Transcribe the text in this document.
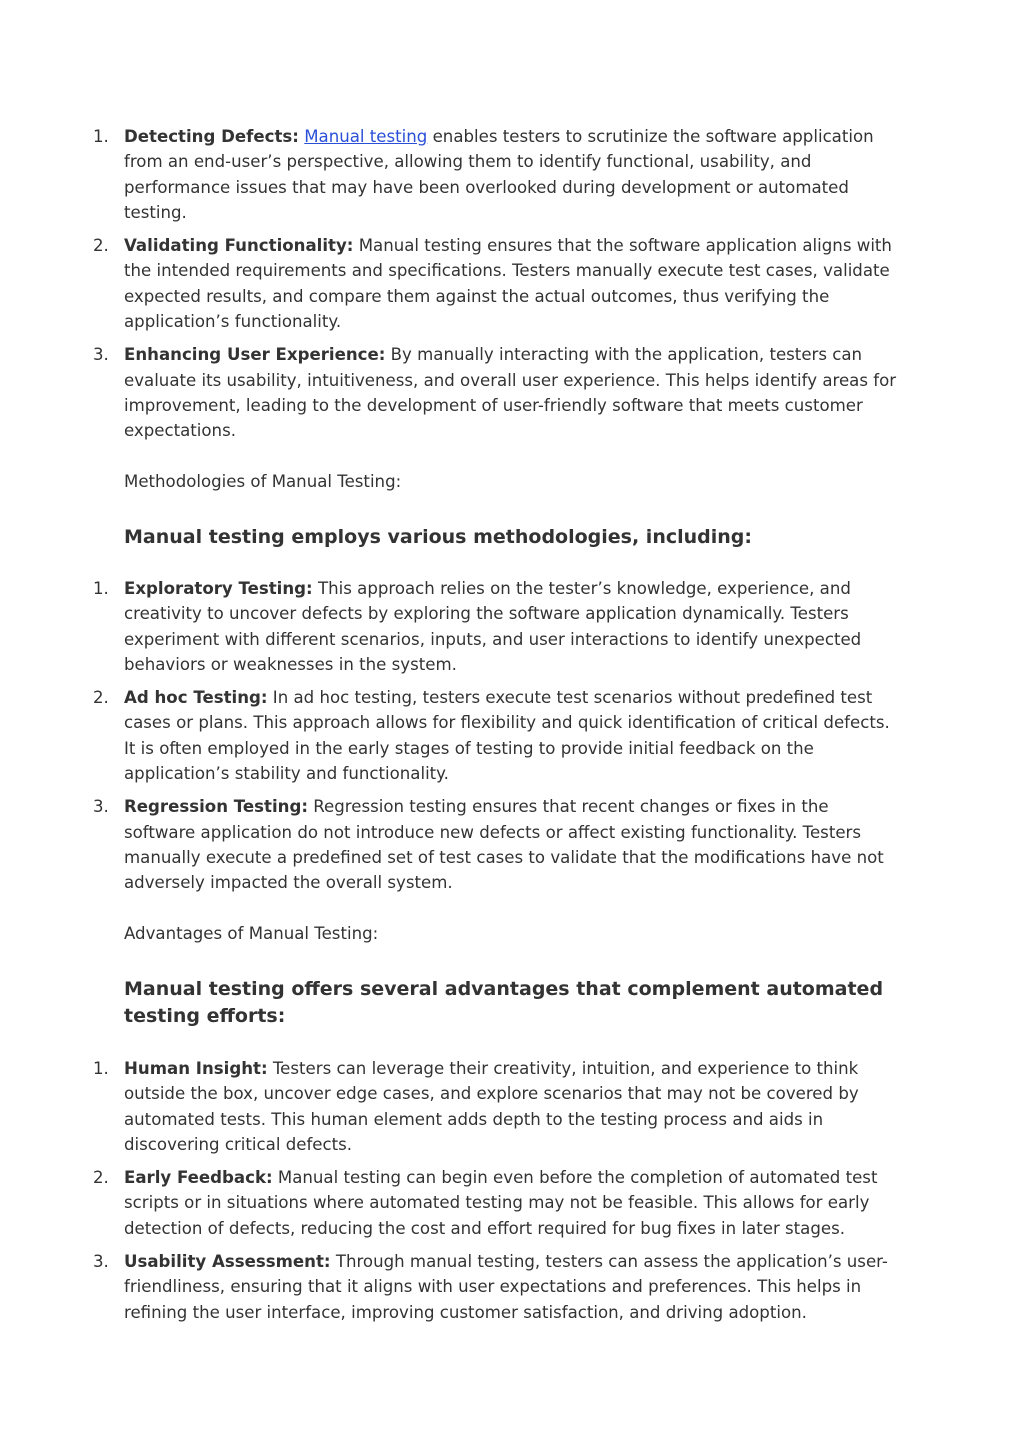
1. Detecting Defects: Manual testing enables testers to scrutinize the software application from an end-user’s perspective, allowing them to identify functional, usability, and performance issues that may have been overlooked during development or automated testing.
2. Validating Functionality: Manual testing ensures that the software application aligns with the intended requirements and specifications. Testers manually execute test cases, validate expected results, and compare them against the actual outcomes, thus verifying the application’s functionality.
3. Enhancing User Experience: By manually interacting with the application, testers can evaluate its usability, intuitiveness, and overall user experience. This helps identify areas for improvement, leading to the development of user-friendly software that meets customer expectations.
Methodologies of Manual Testing:
Manual testing employs various methodologies, including:
1. Exploratory Testing: This approach relies on the tester’s knowledge, experience, and creativity to uncover defects by exploring the software application dynamically. Testers experiment with different scenarios, inputs, and user interactions to identify unexpected behaviors or weaknesses in the system.
2. Ad hoc Testing: In ad hoc testing, testers execute test scenarios without predefined test cases or plans. This approach allows for flexibility and quick identification of critical defects. It is often employed in the early stages of testing to provide initial feedback on the application’s stability and functionality.
3. Regression Testing: Regression testing ensures that recent changes or fixes in the software application do not introduce new defects or affect existing functionality. Testers manually execute a predefined set of test cases to validate that the modifications have not adversely impacted the overall system.
Advantages of Manual Testing:
Manual testing offers several advantages that complement automated testing efforts:
1. Human Insight: Testers can leverage their creativity, intuition, and experience to think outside the box, uncover edge cases, and explore scenarios that may not be covered by automated tests. This human element adds depth to the testing process and aids in discovering critical defects.
2. Early Feedback: Manual testing can begin even before the completion of automated test scripts or in situations where automated testing may not be feasible. This allows for early detection of defects, reducing the cost and effort required for bug fixes in later stages.
3. Usability Assessment: Through manual testing, testers can assess the application’s user-friendliness, ensuring that it aligns with user expectations and preferences. This helps in refining the user interface, improving customer satisfaction, and driving adoption.
